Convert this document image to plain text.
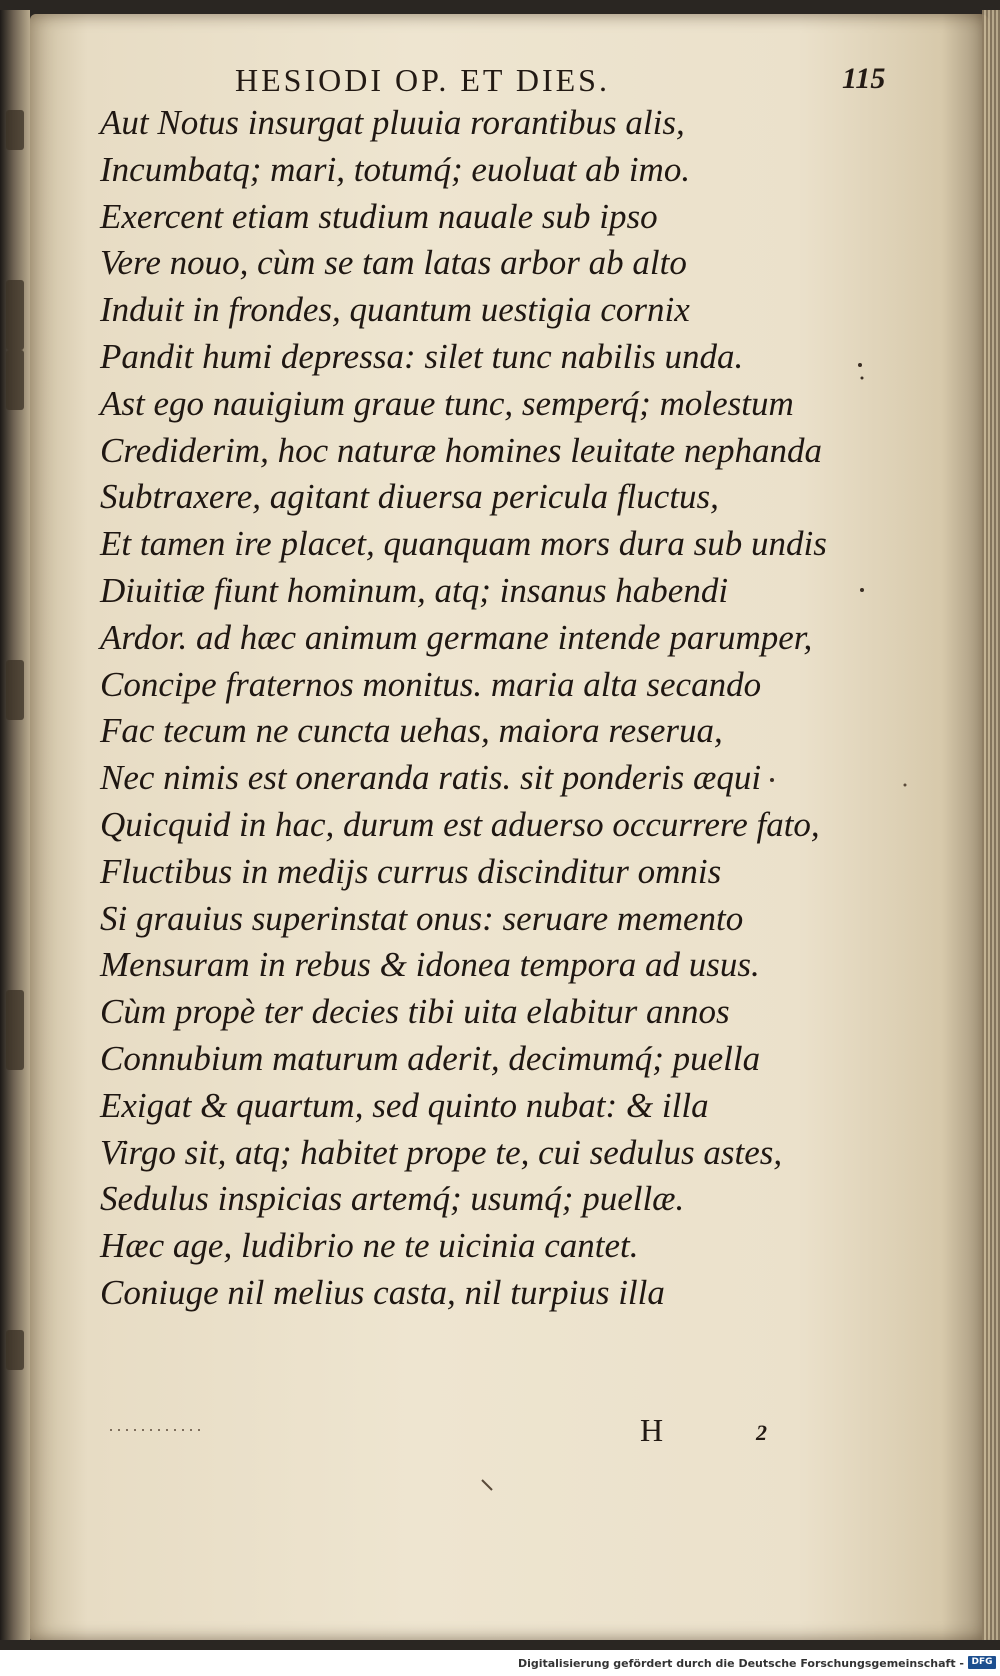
HESIODI OP. ET DIES.	115
Aut Notus insurgat pluuia rorantibus alis,
Incumbatq; mari, totumq́; euoluat ab imo.
Exercent etiam studium nauale sub ipso
Vere nouo, cùm se tam latas arbor ab alto
Induit in frondes, quantum uestigia cornix
Pandit humi depressa: silet tunc nabilis unda.
Ast ego nauigium graue tunc, semperq́; molestum
Crediderim, hoc naturæ homines leuitate nephanda
Subtraxere, agitant diuersa pericula fluctus,
Et tamen ire placet, quanquam mors dura sub undis
Diuitiæ fiunt hominum, atq; insanus habendi
Ardor. ad hæc animum germane intende parumper,
Concipe fraternos monitus. maria alta secando
Fac tecum ne cuncta uehas, maiora reserua,
Nec nimis est oneranda ratis. sit ponderis æqui
Quicquid in hac, durum est aduerso occurrere fato,
Fluctibus in medijs currus discinditur omnis
Si grauius superinstat onus: seruare memento
Mensuram in rebus & idonea tempora ad usus.
Cùm propè ter decies tibi uita elabitur annos
Connubium maturum aderit, decimumq́; puella
Exigat & quartum, sed quinto nubat: & illa
Virgo sit, atq; habitet prope te, cui sedulus astes,
Sedulus inspicias artemq́; usumq́; puellæ.
Hæc age, ludibrio ne te uicinia cantet.
Coniuge nil melius casta, nil turpius illa
H	2
Digitalisierung gefördert durch die Deutsche Forschungsgemeinschaft - DFG
